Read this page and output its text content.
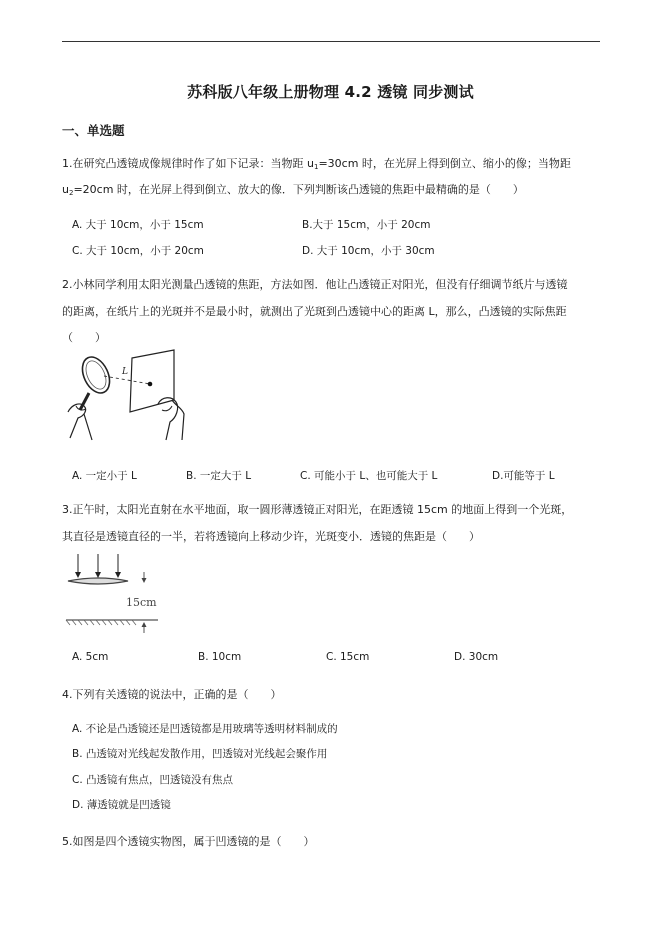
苏科版八年级上册物理 4.2 透镜 同步测试
一、单选题
1.在研究凸透镜成像规律时作了如下记录：当物距 $u_1=30cm$ 时，在光屏上得到倒立、缩小的像；当物距
$u_2=20cm$ 时，在光屏上得到倒立、放大的像．下列判断该凸透镜的焦距中最精确的是（　　）
A. 大于 10cm，小于 15cm	B.大于 15cm，小于 20cm
C. 大于 10cm，小于 20cm	D. 大于 10cm，小于 30cm
2.小林同学利用太阳光测量凸透镜的焦距，方法如图．他让凸透镜正对阳光，但没有仔细调节纸片与透镜
的距离，在纸片上的光斑并不是最小时，就测出了光斑到凸透镜中心的距离 L，那么，凸透镜的实际焦距
（　　）
L
A. 一定小于 L	B. 一定大于 L	C. 可能小于 L、也可能大于 L	D.可能等于 L
3.正午时，太阳光直射在水平地面，取一圆形薄透镜正对阳光，在距透镜 15cm 的地面上得到一个光斑，
其直径是透镜直径的一半，若将透镜向上移动少许，光斑变小．透镜的焦距是（　　）
15cm
A. 5cm	B. 10cm	C. 15cm	D. 30cm
4.下列有关透镜的说法中，正确的是（　　）
A. 不论是凸透镜还是凹透镜都是用玻璃等透明材料制成的
B. 凸透镜对光线起发散作用，凹透镜对光线起会聚作用
C. 凸透镜有焦点，凹透镜没有焦点
D. 薄透镜就是凹透镜
5.如图是四个透镜实物图，属于凹透镜的是（　　）
